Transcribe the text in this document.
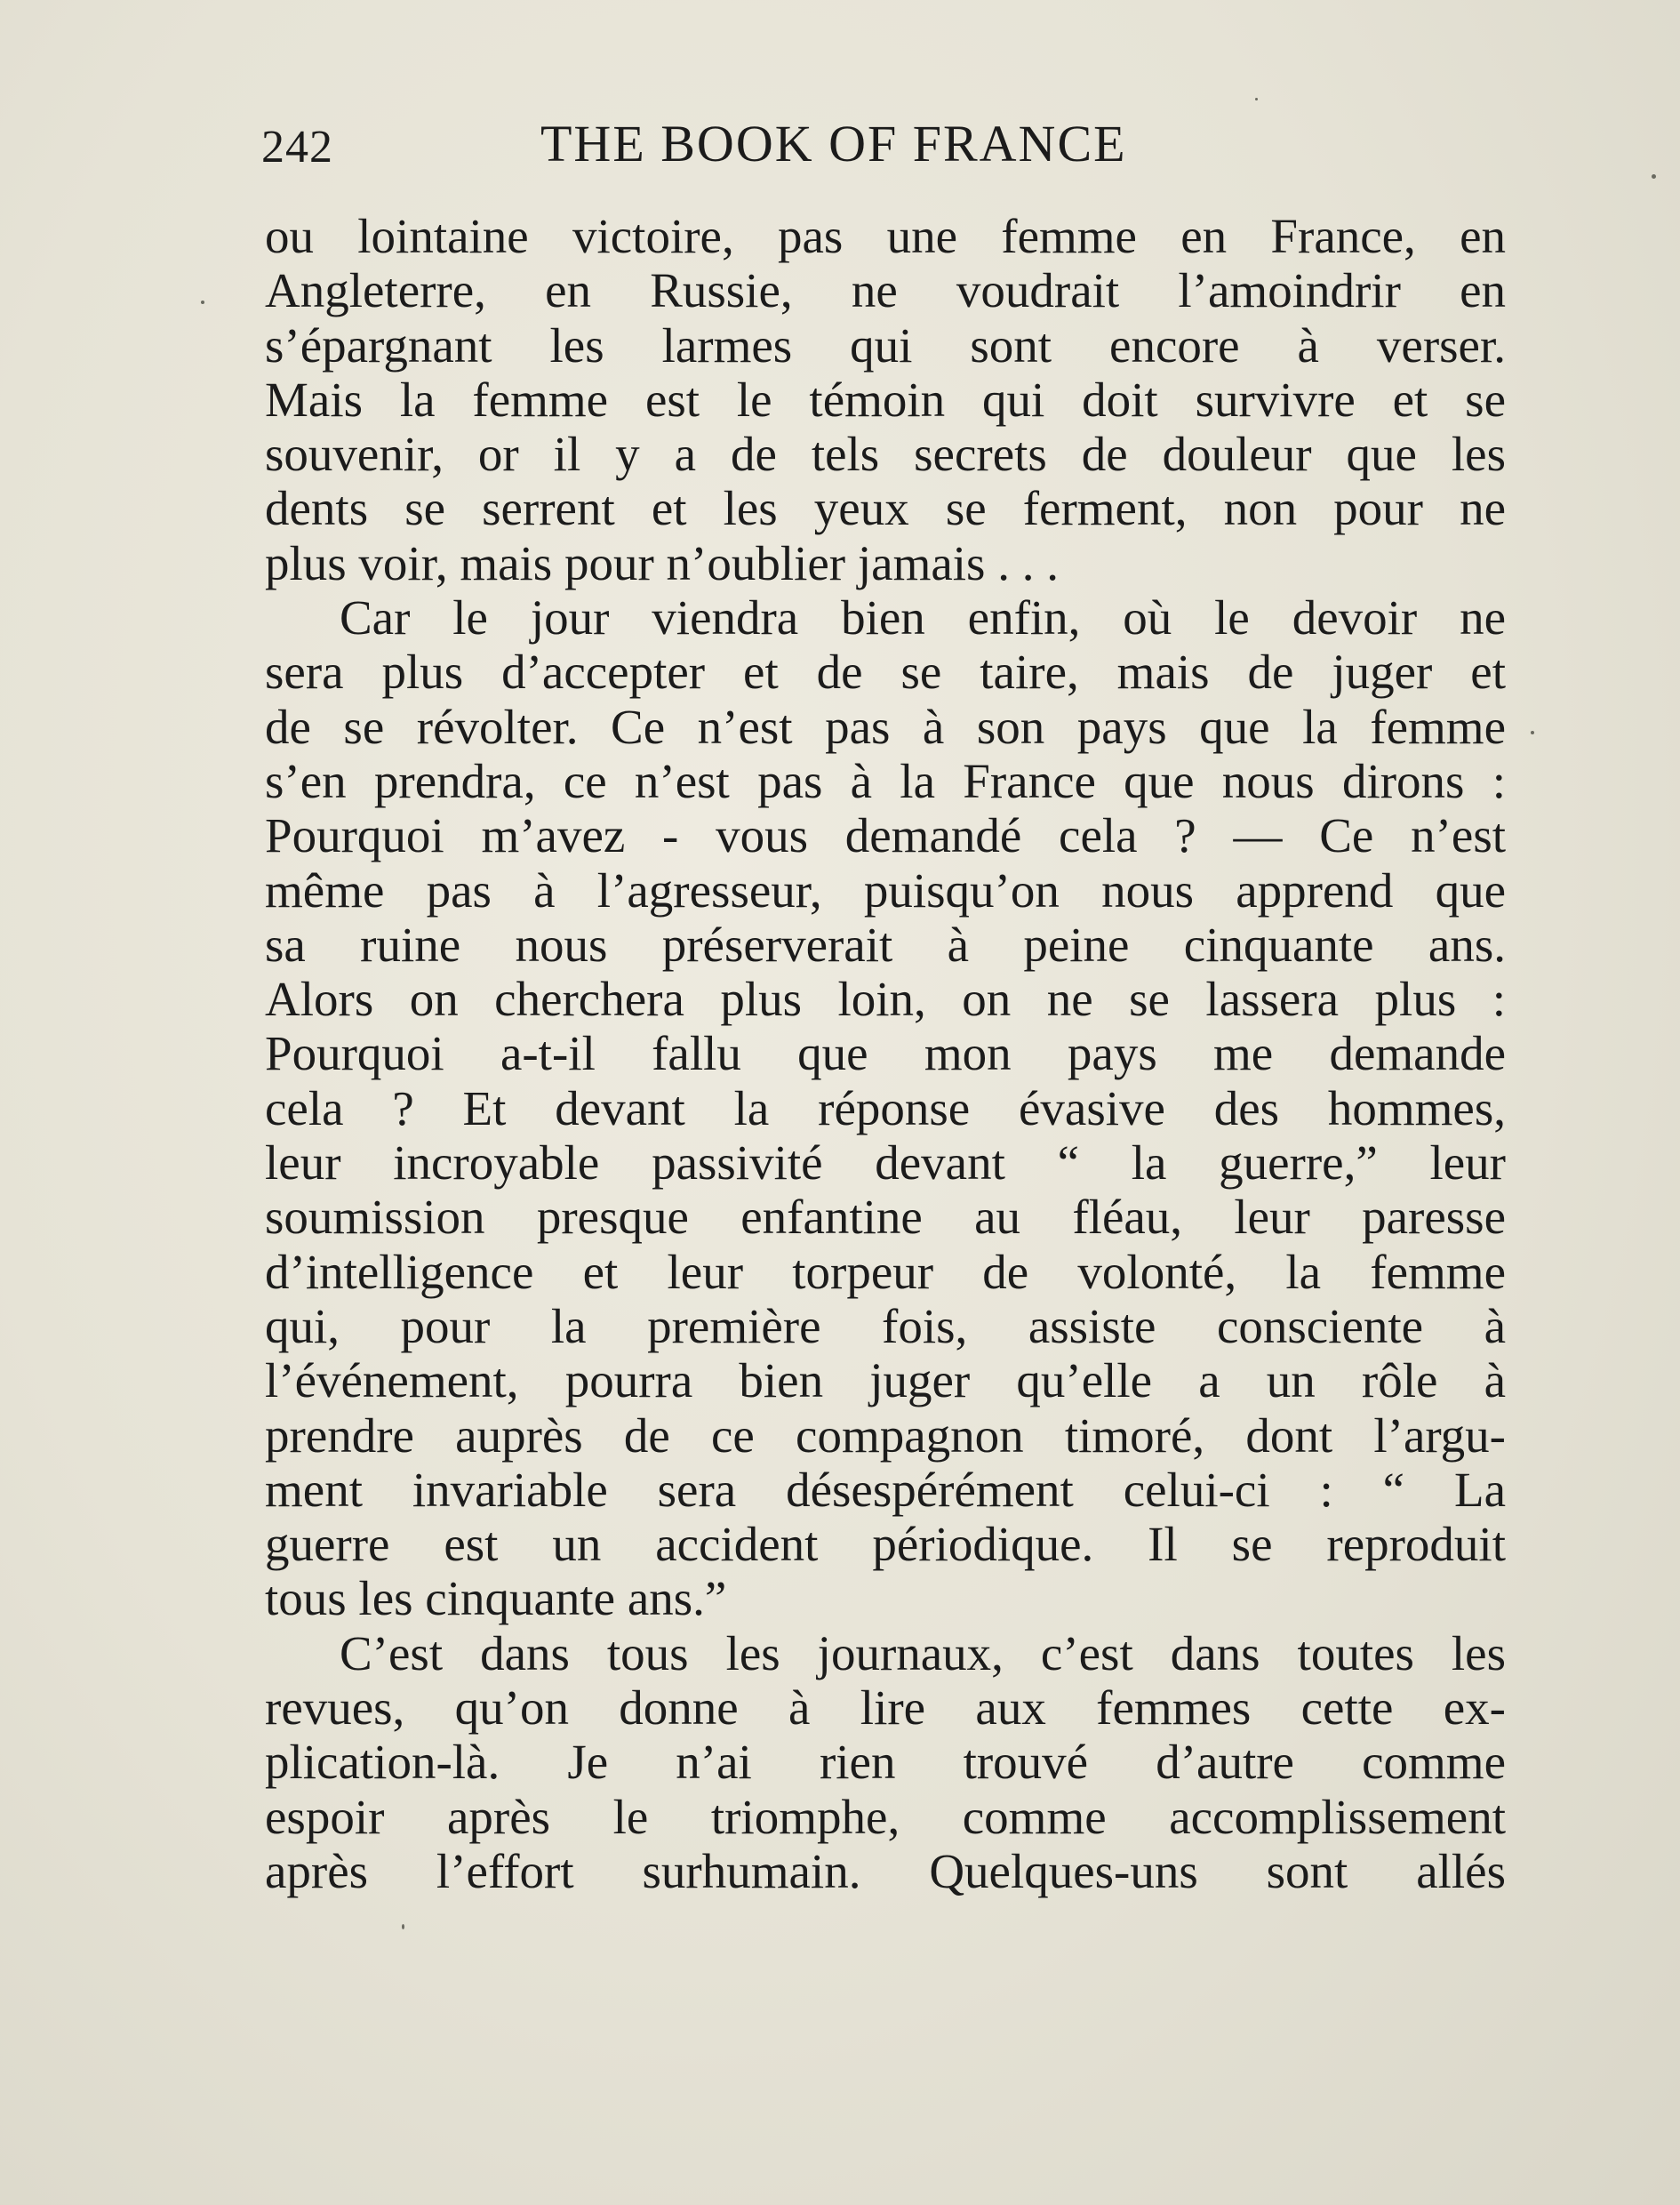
242	THE BOOK OF FRANCE
ou lointaine victoire, pas une femme en France, en
Angleterre, en Russie, ne voudrait l’amoindrir en
s’épargnant les larmes qui sont encore à verser.
Mais la femme est le témoin qui doit survivre et se
souvenir, or il y a de tels secrets de douleur que les
dents se serrent et les yeux se ferment, non pour ne
plus voir, mais pour n’oublier jamais . . .
Car le jour viendra bien enfin, où le devoir ne
sera plus d’accepter et de se taire, mais de juger et
de se révolter. Ce n’est pas à son pays que la femme
s’en prendra, ce n’est pas à la France que nous dirons :
Pourquoi m’avez - vous demandé cela ? — Ce n’est
même pas à l’agresseur, puisqu’on nous apprend que
sa ruine nous préserverait à peine cinquante ans.
Alors on cherchera plus loin, on ne se lassera plus :
Pourquoi a-t-il fallu que mon pays me demande
cela ? Et devant la réponse évasive des hommes,
leur incroyable passivité devant “ la guerre,” leur
soumission presque enfantine au fléau, leur paresse
d’intelligence et leur torpeur de volonté, la femme
qui, pour la première fois, assiste consciente à
l’événement, pourra bien juger qu’elle a un rôle à
prendre auprès de ce compagnon timoré, dont l’argu-
ment invariable sera désespérément celui-ci : “ La
guerre est un accident périodique. Il se reproduit
tous les cinquante ans.”
C’est dans tous les journaux, c’est dans toutes les
revues, qu’on donne à lire aux femmes cette ex-
plication-là. Je n’ai rien trouvé d’autre comme
espoir après le triomphe, comme accomplissement
après l’effort surhumain. Quelques-uns sont allés
